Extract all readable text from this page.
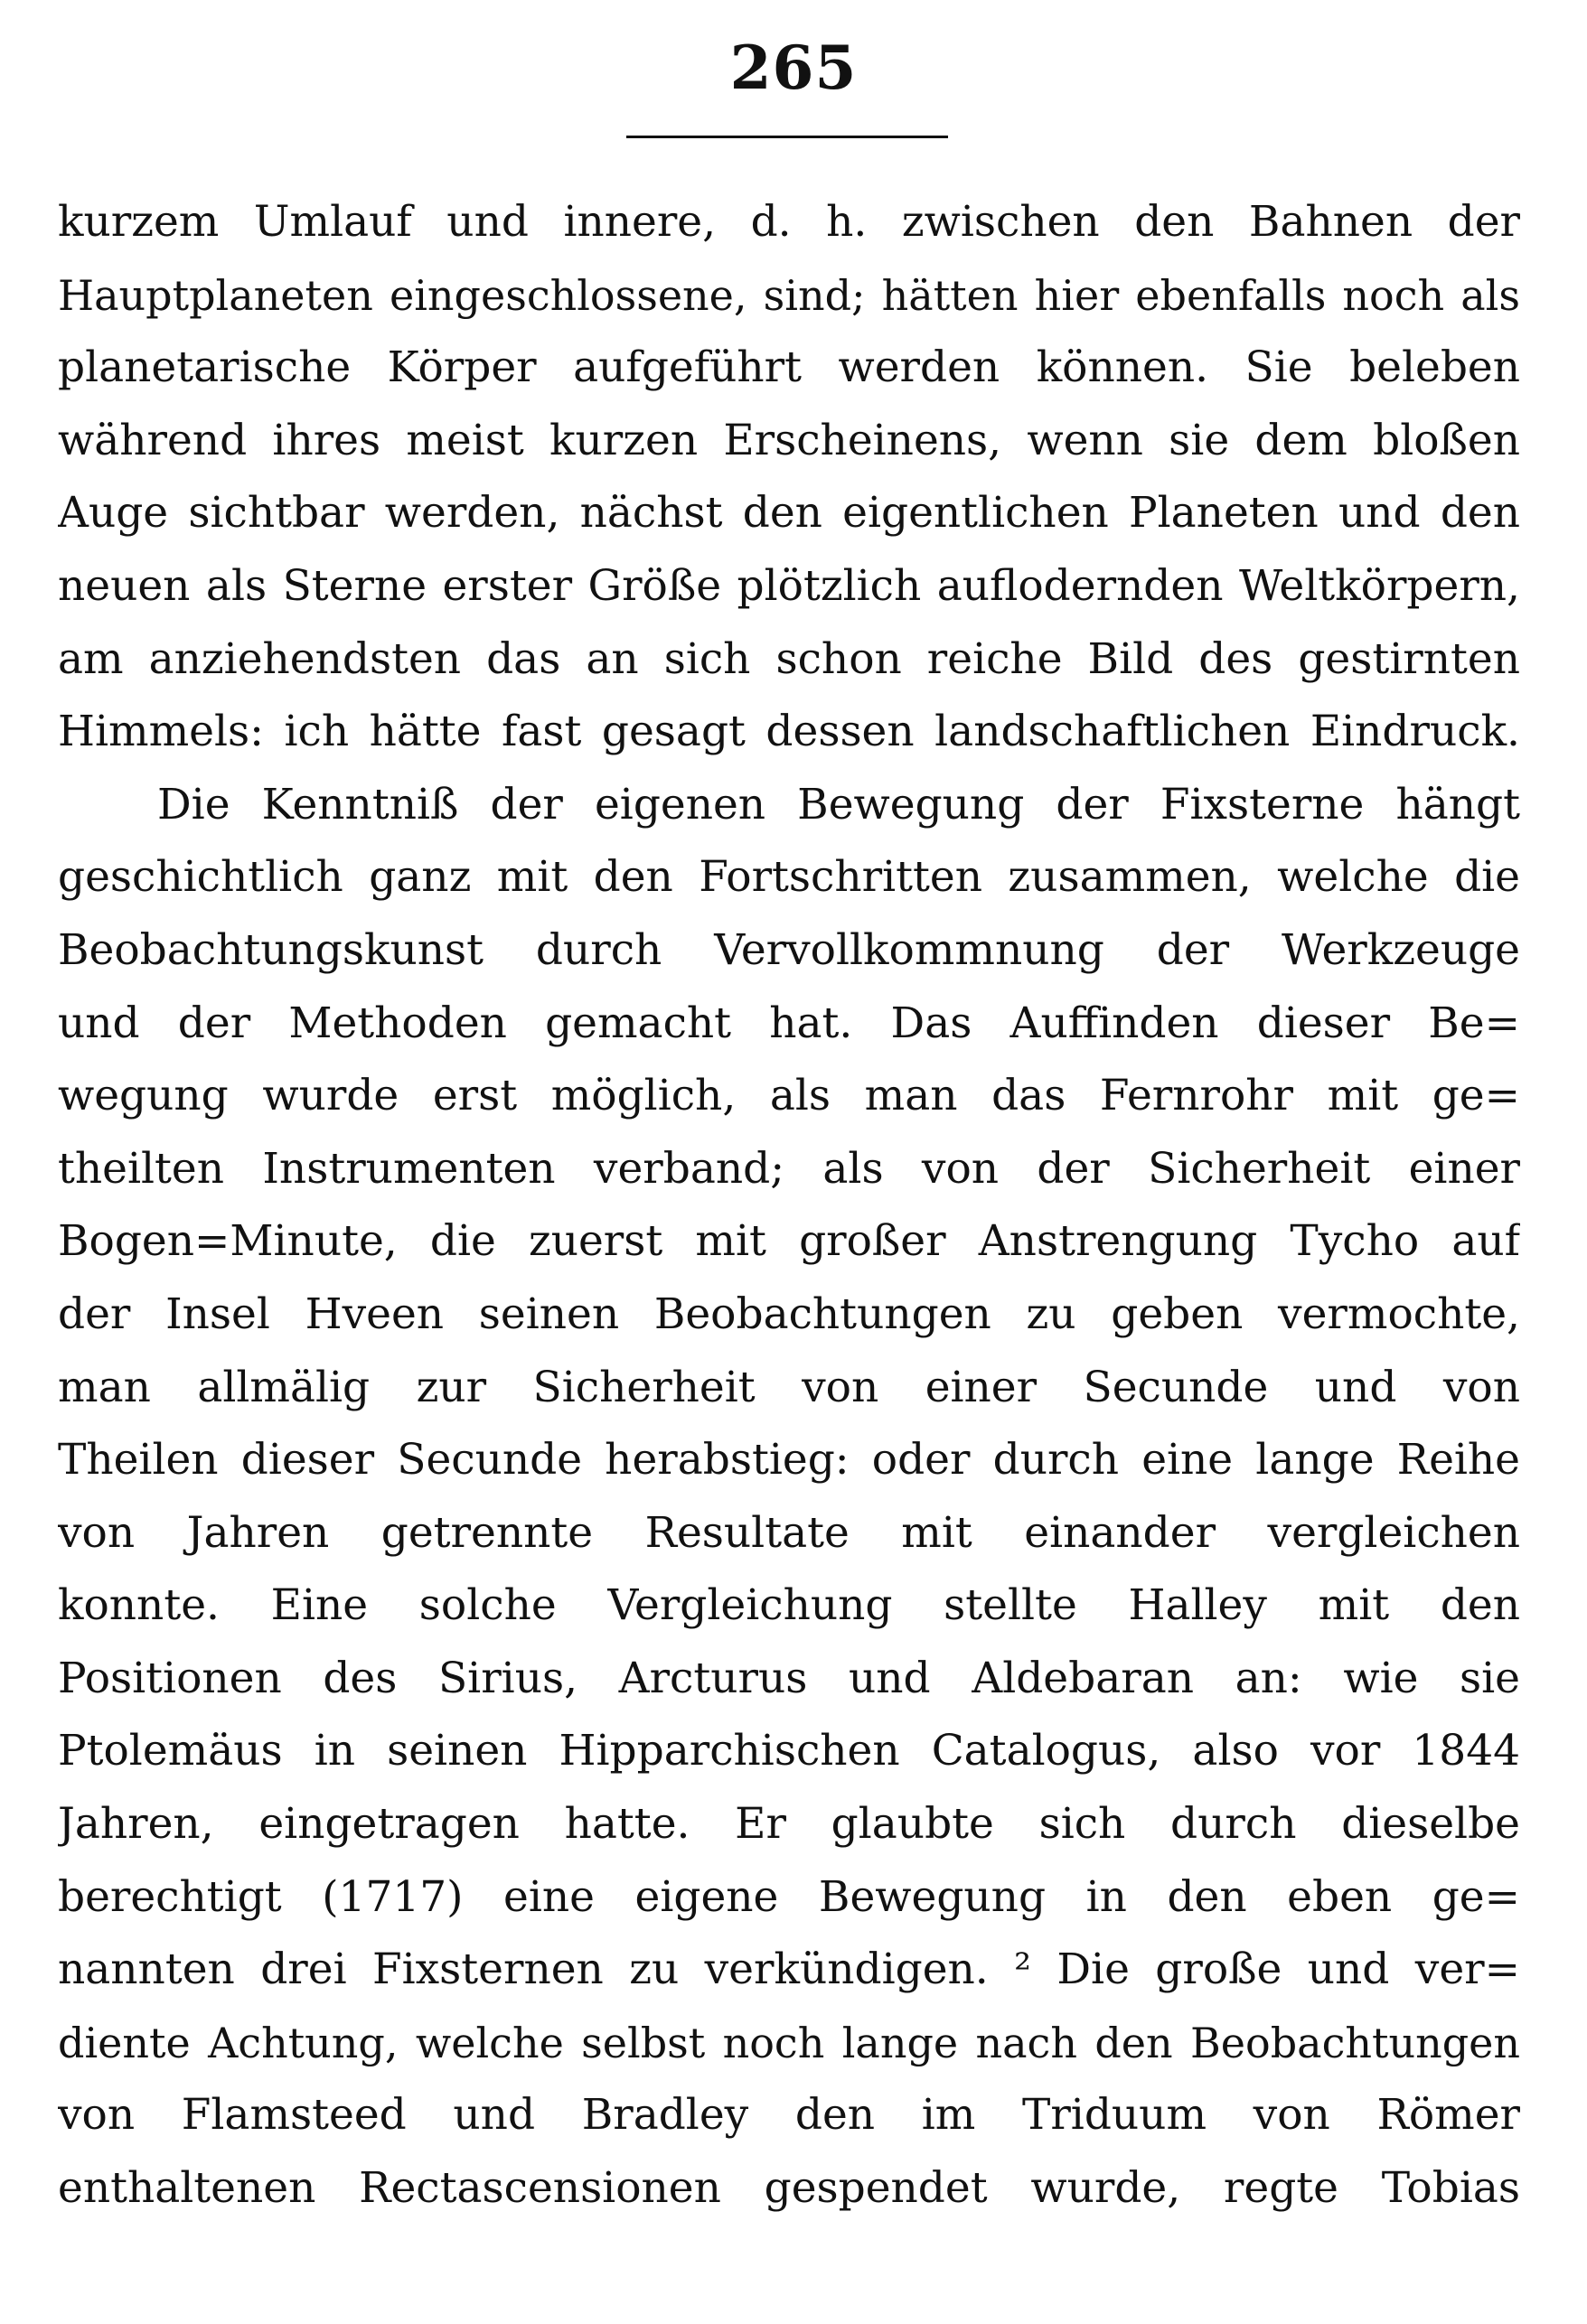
265
kurzem Umlauf und innere, d. h. zwischen den Bahnen der
Hauptplaneten eingeschlossene, sind; hätten hier ebenfalls noch als
planetarische Körper aufgeführt werden können. Sie beleben
während ihres meist kurzen Erscheinens, wenn sie dem bloßen
Auge sichtbar werden, nächst den eigentlichen Planeten und den
neuen als Sterne erster Größe plötzlich auflodernden Weltkörpern,
am anziehendsten das an sich schon reiche Bild des gestirnten
Himmels: ich hätte fast gesagt dessen landschaftlichen Eindruck.
Die Kenntniß der eigenen Bewegung der Fixsterne hängt
geschichtlich ganz mit den Fortschritten zusammen, welche die
Beobachtungskunst durch Vervollkommnung der Werkzeuge
und der Methoden gemacht hat. Das Auffinden dieser Be=
wegung wurde erst möglich, als man das Fernrohr mit ge=
theilten Instrumenten verband; als von der Sicherheit einer
Bogen=Minute, die zuerst mit großer Anstrengung Tycho auf
der Insel Hveen seinen Beobachtungen zu geben vermochte,
man allmälig zur Sicherheit von einer Secunde und von
Theilen dieser Secunde herabstieg: oder durch eine lange Reihe
von Jahren getrennte Resultate mit einander vergleichen
konnte. Eine solche Vergleichung stellte Halley mit den
Positionen des Sirius, Arcturus und Aldebaran an: wie sie
Ptolemäus in seinen Hipparchischen Catalogus, also vor 1844
Jahren, eingetragen hatte. Er glaubte sich durch dieselbe
berechtigt (1717) eine eigene Bewegung in den eben ge=
nannten drei Fixsternen zu verkündigen. ² Die große und ver=
diente Achtung, welche selbst noch lange nach den Beobachtungen
von Flamsteed und Bradley den im Triduum von Römer
enthaltenen Rectascensionen gespendet wurde, regte Tobias
